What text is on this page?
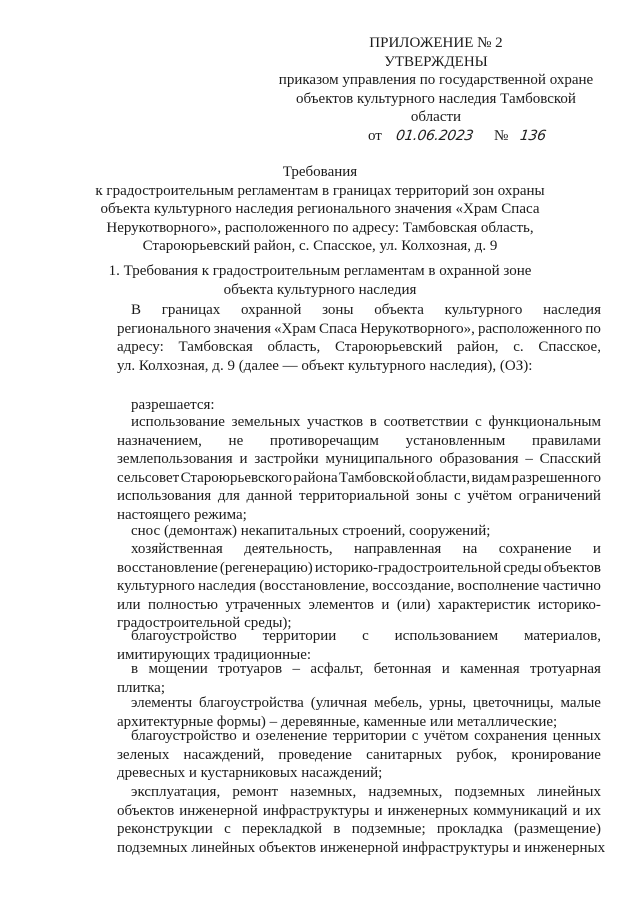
ПРИЛОЖЕНИЕ № 2
УТВЕРЖДЕНЫ
приказом управления по государственной охране
объектов культурного наследия Тамбовской
области
от 01.06.2023 № 136
Требования
к градостроительным регламентам в границах территорий зон охраны
объекта культурного наследия регионального значения «Храм Спаса
Нерукотворного», расположенного по адресу: Тамбовская область,
Староюрьевский район, с. Спасское, ул. Колхозная, д. 9
1. Требования к градостроительным регламентам в охранной зоне
объекта культурного наследия
В границах охранной зоны объекта культурного наследия
регионального значения «Храм Спаса Нерукотворного», расположенного по
адресу: Тамбовская область, Староюрьевский район, с. Спасское,
ул. Колхозная, д. 9 (далее — объект культурного наследия), (ОЗ):
разрешается:
использование земельных участков в соответствии с функциональным
назначением, не противоречащим установленным правилами
землепользования и застройки муниципального образования – Спасский
сельсовет Староюрьевского района Тамбовской области, видам разрешенного
использования для данной территориальной зоны с учётом ограничений
настоящего режима;
снос (демонтаж) некапитальных строений, сооружений;
хозяйственная деятельность, направленная на сохранение и
восстановление (регенерацию) историко-градостроительной среды объектов
культурного наследия (восстановление, воссоздание, восполнение частично
или полностью утраченных элементов и (или) характеристик историко-
градостроительной среды);
благоустройство территории с использованием материалов,
имитирующих традиционные:
в мощении тротуаров – асфальт, бетонная и каменная тротуарная
плитка;
элементы благоустройства (уличная мебель, урны, цветочницы, малые
архитектурные формы) – деревянные, каменные или металлические;
благоустройство и озеленение территории с учётом сохранения ценных
зеленых насаждений, проведение санитарных рубок, кронирование
древесных и кустарниковых насаждений;
эксплуатация, ремонт наземных, надземных, подземных линейных
объектов инженерной инфраструктуры и инженерных коммуникаций и их
реконструкции с перекладкой в подземные; прокладка (размещение)
подземных линейных объектов инженерной инфраструктуры и инженерных
